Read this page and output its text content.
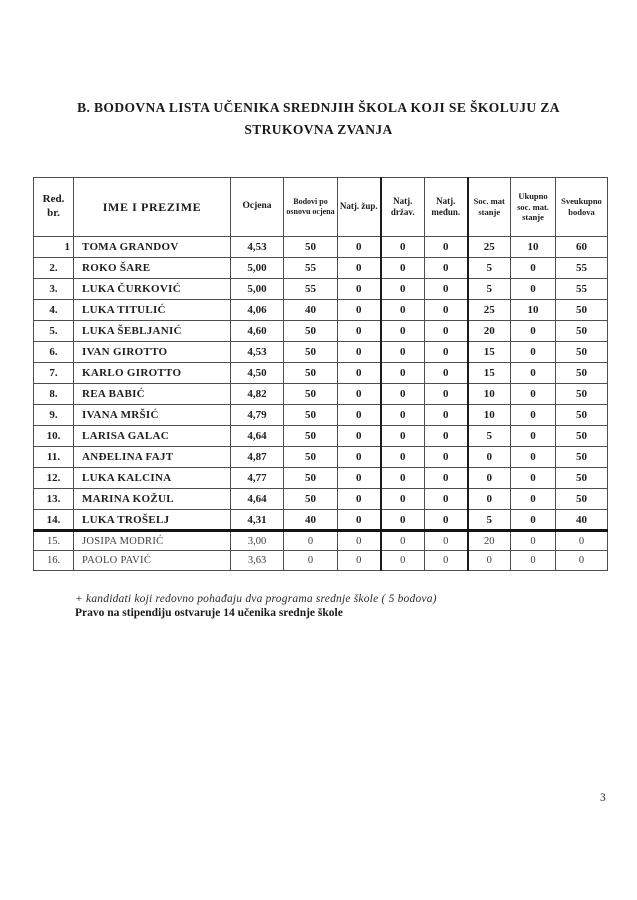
B. BODOVNA LISTA UČENIKA SREDNJIH ŠKOLA KOJI SE ŠKOLUJU ZA
STRUKOVNA ZVANJA
Red. br.	IME I PREZIME	Ocjena	Bodovi po osnovu ocjena	Natj. žup.	Natj. držav.	Natj. međun.	Soc. mat stanje	Ukupno soc. mat. stanje	Sveukupno bodova
1	TOMA GRANDOV	4,53	50	0	0	0	25	10	60
2.	ROKO ŠARE	5,00	55	0	0	0	5	0	55
3.	LUKA ČURKOVIĆ	5,00	55	0	0	0	5	0	55
4.	LUKA TITULIĆ	4,06	40	0	0	0	25	10	50
5.	LUKA ŠEBLJANIĆ	4,60	50	0	0	0	20	0	50
6.	IVAN GIROTTO	4,53	50	0	0	0	15	0	50
7.	KARLO GIROTTO	4,50	50	0	0	0	15	0	50
8.	REA BABIĆ	4,82	50	0	0	0	10	0	50
9.	IVANA MRŠIĆ	4,79	50	0	0	0	10	0	50
10.	LARISA GALAC	4,64	50	0	0	0	5	0	50
11.	ANĐELINA FAJT	4,87	50	0	0	0	0	0	50
12.	LUKA KALCINA	4,77	50	0	0	0	0	0	50
13.	MARINA KOŽUL	4,64	50	0	0	0	0	0	50
14.	LUKA TROŠELJ	4,31	40	0	0	0	5	0	40
15.	JOSIPA MODRIĆ	3,00	0	0	0	0	20	0	0
16.	PAOLO PAVIĆ	3,63	0	0	0	0	0	0	0
+ kandidati koji redovno pohađaju dva programa srednje škole ( 5 bodova)
Pravo na stipendiju ostvaruje 14 učenika srednje škole
3
